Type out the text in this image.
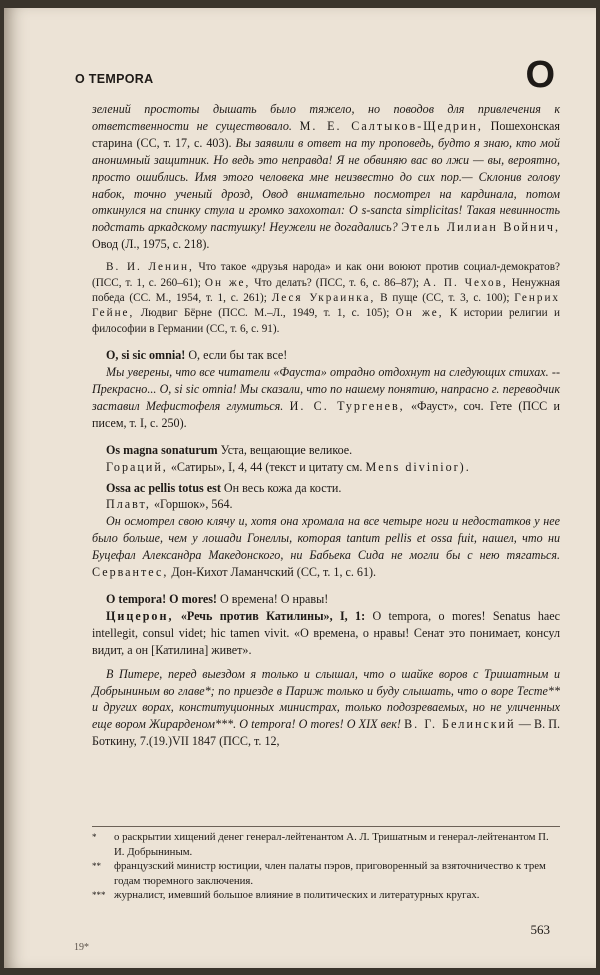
O TEMPORA	O

зелений простоты дышать было тяжело, но поводов для привлечения к ответственности не существовало. М. Е. Салтыков-Щедрин, Пошехонская старина (СС, т. 17, с. 403). Вы заявили в ответ на ту проповедь, будто я знаю, кто мой анонимный защитник. Но ведь это неправда! Я не обвиняю вас во лжи — вы, вероятно, просто ошиблись. Имя этого человека мне неизвестно до сих пор.— Склонив голову набок, точно ученый дрозд, Овод внимательно посмотрел на кардинала, потом откинулся на спинку стула и громко захохотал: О s-sancta simplicitas! Такая невинность подстать аркадскому пастушку! Неужели не догадались? Этель Лилиан Войнич, Овод (Л., 1975, с. 218).

В. И. Ленин, Что такое «друзья народа» и как они воюют против социал-демократов? (ПСС, т. 1, с. 260–61); Он же, Что делать? (ПСС, т. 6, с. 86–87); А. П. Чехов, Ненужная победа (СС. М., 1954, т. 1, с. 261); Леся Украинка, В пуще (СС, т. 3, с. 100); Генрих Гейне, Людвиг Бёрне (ПСС. М.–Л., 1949, т. 1, с. 105); Он же, К истории религии и философии в Германии (СС, т. 6, с. 91).

O, si sic omnia! О, если бы так все!

Мы уверены, что все читатели «Фауста» отрадно отдохнут на следующих стихах. -- Прекрасно... O, si sic omnia! Мы сказали, что по нашему понятию, напрасно г. переводчик заставил Мефистофеля глумиться. И. С. Тургенев, «Фауст», соч. Гете (ПСС и писем, т. I, с. 250).

Os magna sonaturum Уста, вещающие великое.

Гораций, «Сатиры», I, 4, 44 (текст и цитату см. Mens divinior).

Ossa ac pellis totus est Он весь кожа да кости.

Плавт, «Горшок», 564.

Он осмотрел свою клячу и, хотя она хромала на все четыре ноги и недостатков у нее было больше, чем у лошади Гонеллы, которая tantum pellis et ossa fuit, нашел, что ни Буцефал Александра Македонского, ни Бабьека Сида не могли бы с нею тягаться. Сервантес, Дон-Кихот Ламанчский (СС, т. 1, с. 61).

O tempora! O mores! О времена! О нравы!

Цицерон, «Речь против Катилины», I, 1: O tempora, o mores! Senatus haec intellegit, consul videt; hic tamen vivit. «О времена, о нравы! Сенат это понимает, консул видит, а он [Катилина] живет».

В Питере, перед выездом я только и слышал, что о шайке воров с Тришатным и Добрыниным во главе*; по приезде в Париж только и буду слышать, что о воре Тесте** и других ворах, конституционных министрах, только подозреваемых, но не уличенных еще вором Жирарденом***. O tempora! O mores! О XIX век! В. Г. Белинский — В. П. Боткину, 7.(19.)VII 1847 (ПСС, т. 12,

*	о раскрытии хищений денег генерал-лейтенантом А. Л. Тришатным и генерал-лейтенантом П. И. Добрыниным.
**	французский министр юстиции, член палаты пэров, приговоренный за взяточничество к трем годам тюремного заключения.
*** журналист, имевший большое влияние в политических и литературных кругах.
563
19*
